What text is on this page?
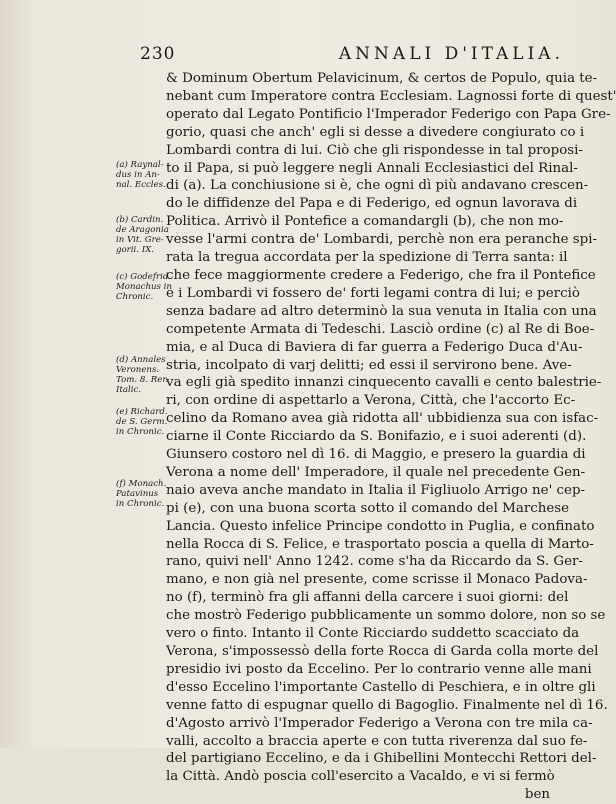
230	ANNALI D'ITALIA.
(a) Raynal-
dus in An-
nal. Eccles.
(b) Cardin.
de Aragonia
in Vit. Gre-
gorii. IX.
(c) Godefrid.
Monachus in
Chronic.
(d) Annales
Veronens.
Tom. 8. Rer.
Italic.
(e) Richard.
de S. Germ.
in Chronic.
(f) Monach.
Patavinus
in Chronic.
& Dominum Obertum Pelavicinum, & certos de Populo, quia te-
nebant cum Imperatore contra Ecclesiam. Lagnossi forte di quest'
operato dal Legato Pontificio l'Imperador Federigo con Papa Gre-
gorio, quasi che anch' egli si desse a divedere congiurato co i
Lombardi contra di lui. Ciò che gli rispondesse in tal proposi-
to il Papa, si può leggere negli Annali Ecclesiastici del Rinal-
di (a). La conchiusione si è, che ogni dì più andavano crescen-
do le diffidenze del Papa e di Federigo, ed ognun lavorava di
Politica. Arrivò il Pontefice a comandargli (b), che non mo-
vesse l'armi contra de' Lombardi, perchè non era peranche spi-
rata la tregua accordata per la spedizione di Terra santa: il
che fece maggiormente credere a Federigo, che fra il Pontefice
e i Lombardi vi fossero de' forti legami contra di lui; e perciò
senza badare ad altro determinò la sua venuta in Italia con una
competente Armata di Tedeschi. Lasciò ordine (c) al Re di Boe-
mia, e al Duca di Baviera di far guerra a Federigo Duca d'Au-
stria, incolpato di varj delitti; ed essi il servirono bene. Ave-
va egli già spedito innanzi cinquecento cavalli e cento balestrie-
ri, con ordine di aspettarlo a Verona, Città, che l'accorto Ec-
celino da Romano avea già ridotta all' ubbidienza sua con isfac-
ciarne il Conte Ricciardo da S. Bonifazio, e i suoi aderenti (d).
Giunsero costoro nel dì 16. di Maggio, e presero la guardia di
Verona a nome dell' Imperadore, il quale nel precedente Gen-
naio aveva anche mandato in Italia il Figliuolo Arrigo ne' cep-
pi (e), con una buona scorta sotto il comando del Marchese
Lancia. Questo infelice Principe condotto in Puglia, e confinato
nella Rocca di S. Felice, e trasportato poscia a quella di Marto-
rano, quivi nell' Anno 1242. come s'ha da Riccardo da S. Ger-
mano, e non già nel presente, come scrisse il Monaco Padova-
no (f), terminò fra gli affanni della carcere i suoi giorni: del
che mostrò Federigo pubblicamente un sommo dolore, non so se
vero o finto. Intanto il Conte Ricciardo suddetto scacciato da
Verona, s'impossessò della forte Rocca di Garda colla morte del
presidio ivi posto da Eccelino. Per lo contrario venne alle mani
d'esso Eccelino l'importante Castello di Peschiera, e in oltre gli
venne fatto di espugnar quello di Bagoglio. Finalmente nel dì 16.
d'Agosto arrivò l'Imperador Federigo a Verona con tre mila ca-
valli, accolto a braccia aperte e con tutta riverenza dal suo fe-
del partigiano Eccelino, e da i Ghibellini Montecchi Rettori del-
la Città. Andò poscia coll'esercito a Vacaldo, e vi si fermò
ben
